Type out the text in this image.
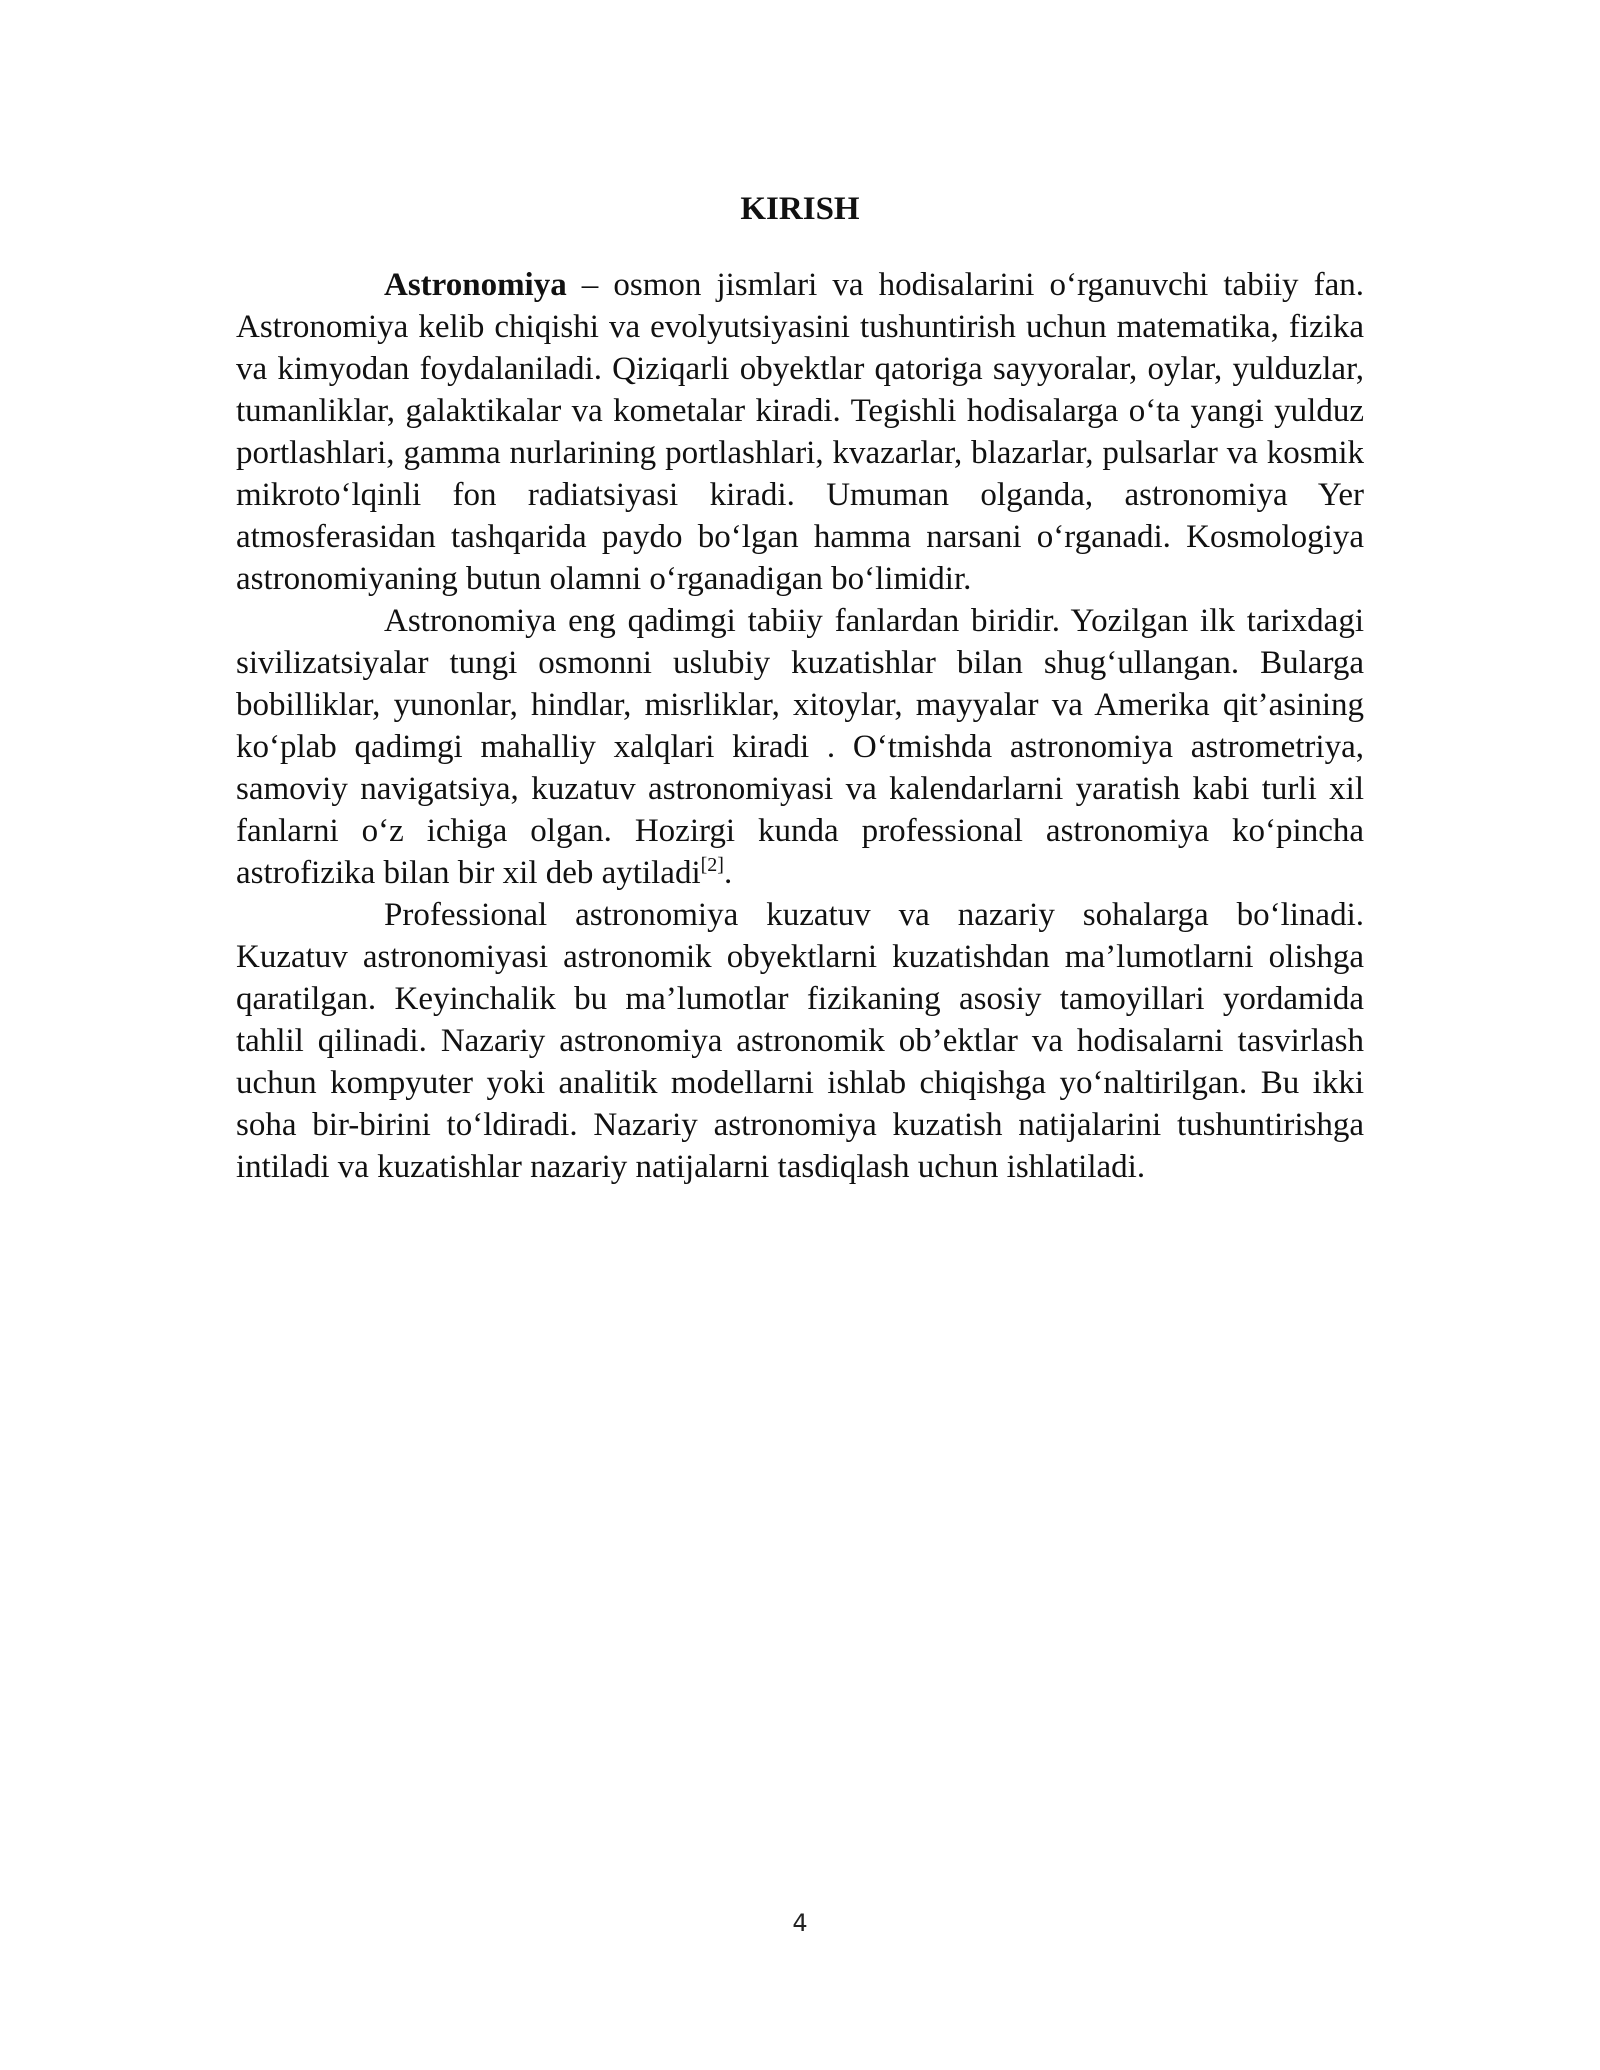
KIRISH

Astronomiya – osmon jismlari va hodisalarini o‘rganuvchi tabiiy fan. Astronomiya kelib chiqishi va evolyutsiyasini tushuntirish uchun matematika, fizika va kimyodan foydalaniladi. Qiziqarli obyektlar qatoriga sayyoralar, oylar, yulduzlar, tumanliklar, galaktikalar va kometalar kiradi. Tegishli hodisalarga o‘ta yangi yulduz portlashlari, gamma nurlarining portlashlari, kvazarlar, blazarlar, pulsarlar va kosmik mikroto‘lqinli fon radiatsiyasi kiradi. Umuman olganda, astronomiya Yer atmosferasidan tashqarida paydo bo‘lgan hamma narsani o‘rganadi. Kosmologiya astronomiyaning butun olamni o‘rganadigan bo‘limidir.

Astronomiya eng qadimgi tabiiy fanlardan biridir. Yozilgan ilk tarixdagi sivilizatsiyalar tungi osmonni uslubiy kuzatishlar bilan shug‘ullangan. Bularga bobilliklar, yunonlar, hindlar, misrliklar, xitoylar, mayyalar va Amerika qit’asining ko‘plab qadimgi mahalliy xalqlari kiradi . O‘tmishda astronomiya astrometriya, samoviy navigatsiya, kuzatuv astronomiyasi va kalendarlarni yaratish kabi turli xil fanlarni o‘z ichiga olgan. Hozirgi kunda professional astronomiya ko‘pincha astrofizika bilan bir xil deb aytiladi[2].

Professional astronomiya kuzatuv va nazariy sohalarga bo‘linadi. Kuzatuv astronomiyasi astronomik obyektlarni kuzatishdan ma’lumotlarni olishga qaratilgan. Keyinchalik bu ma’lumotlar fizikaning asosiy tamoyillari yordamida tahlil qilinadi. Nazariy astronomiya astronomik ob’ektlar va hodisalarni tasvirlash uchun kompyuter yoki analitik modellarni ishlab chiqishga yo‘naltirilgan. Bu ikki soha bir-birini to‘ldiradi. Nazariy astronomiya kuzatish natijalarini tushuntirishga intiladi va kuzatishlar nazariy natijalarni tasdiqlash uchun ishlatiladi.

4
